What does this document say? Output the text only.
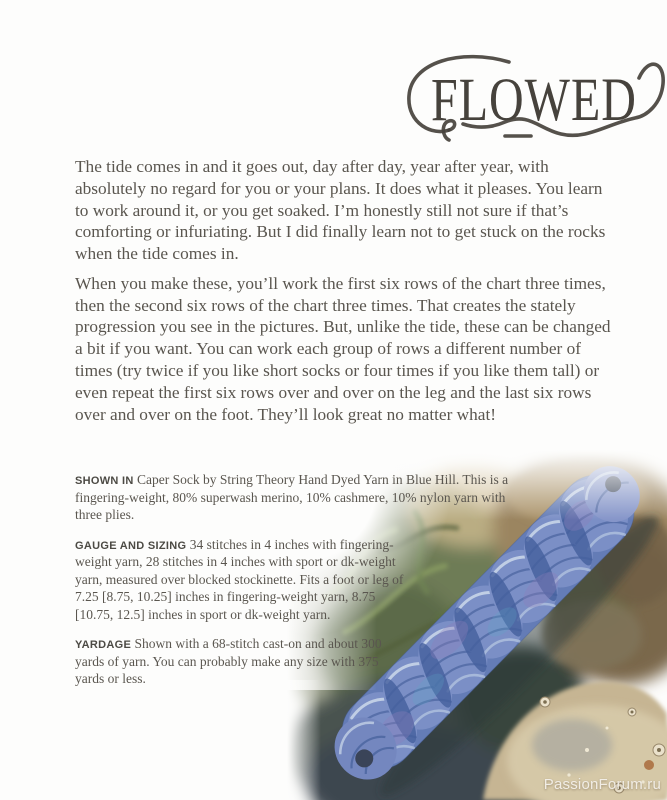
FLOWED

The tide comes in and it goes out, day after day, year after year, with absolutely no regard for you or your plans. It does what it pleases. You learn to work around it, or you get soaked. I’m honestly still not sure if that’s comforting or infuriating. But I did finally learn not to get stuck on the rocks when the tide comes in.

When you make these, you’ll work the first six rows of the chart three times, then the second six rows of the chart three times. That creates the stately progression you see in the pictures. But, unlike the tide, these can be changed a bit if you want. You can work each group of rows a different number of times (try twice if you like short socks or four times if you like them tall) or even repeat the first six rows over and over on the leg and the last six rows over and over on the foot. They’ll look great no matter what!

SHOWN IN Caper Sock by String Theory Hand Dyed Yarn in Blue Hill. This is a fingering-weight, 80% superwash merino, 10% cashmere, 10% nylon yarn with three plies.

GAUGE AND SIZING 34 stitches in 4 inches with fingering-weight yarn, 28 stitches in 4 inches with sport or dk-weight yarn, measured over blocked stockinette. Fits a foot or leg of 7.25 [8.75, 10.25] inches in fingering-weight yarn, 8.75 [10.75, 12.5] inches in sport or dk-weight yarn.

YARDAGE Shown with a 68-stitch cast-on and about 300 yards of yarn. You can probably make any size with 375 yards or less.

PassionForum.ru
